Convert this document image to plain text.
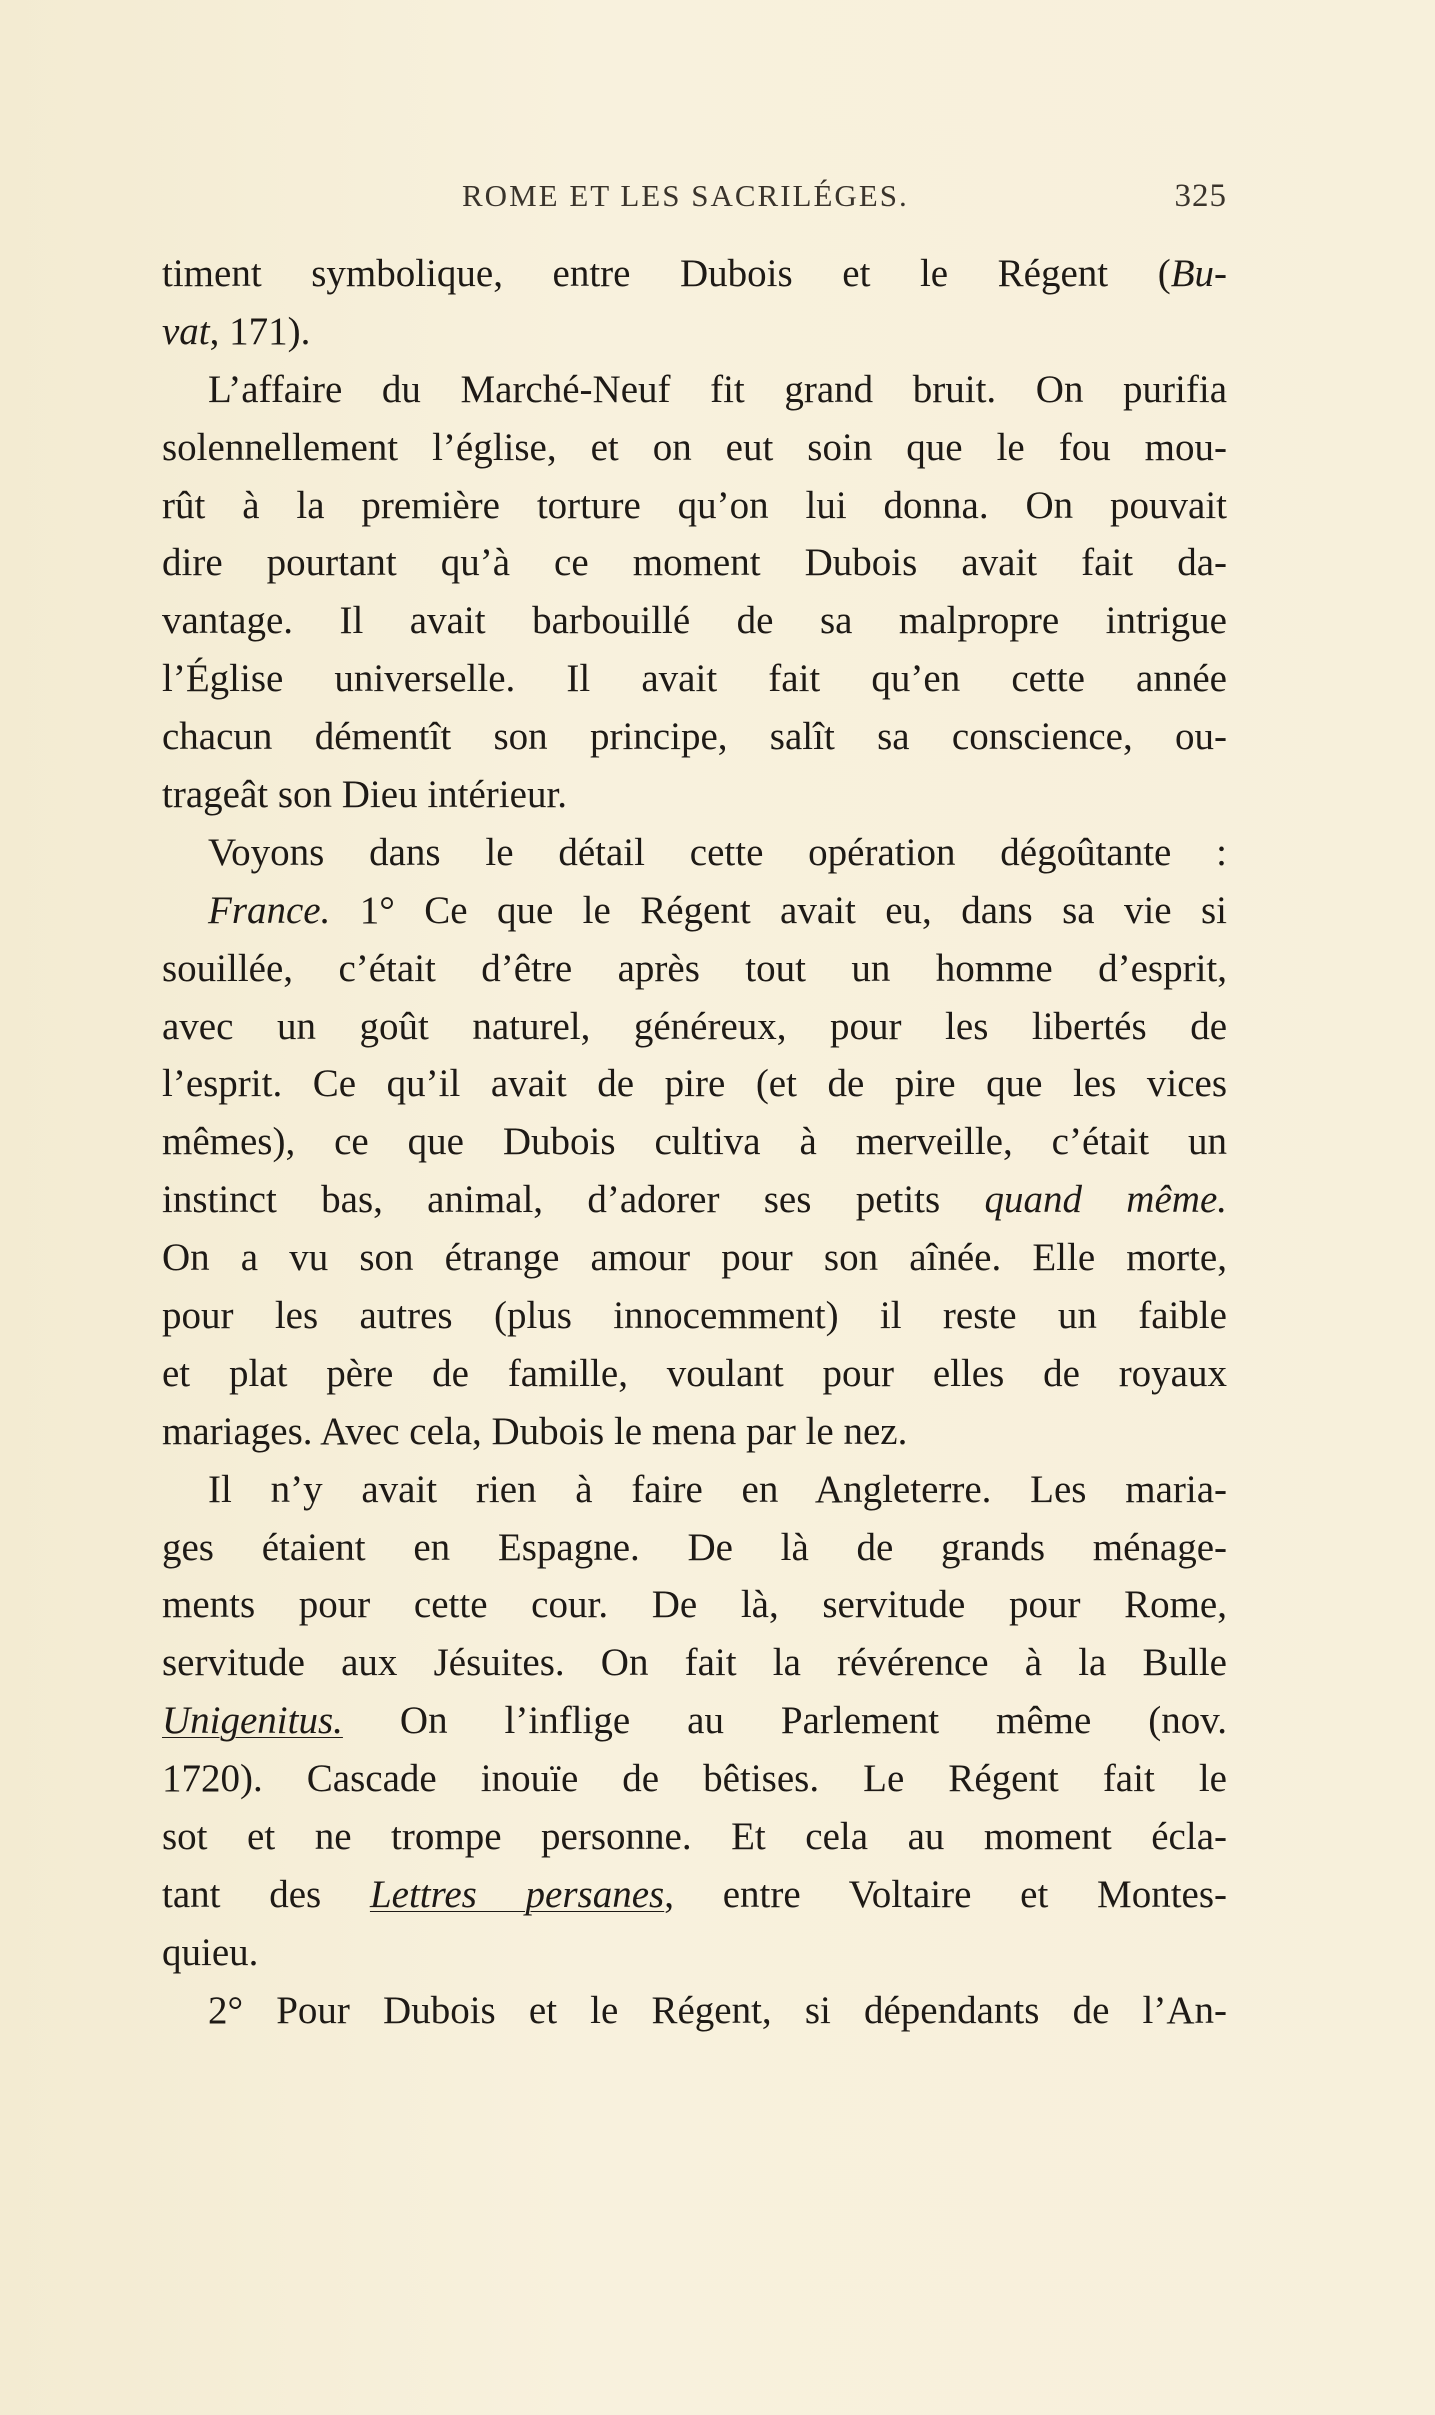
ROME ET LES SACRILÉGES.	325
timent symbolique, entre Dubois et le Régent (Bu-
vat, 171).
L’affaire du Marché-Neuf fit grand bruit. On purifia
solennellement l’église, et on eut soin que le fou mou-
rût à la première torture qu’on lui donna. On pouvait
dire pourtant qu’à ce moment Dubois avait fait da-
vantage. Il avait barbouillé de sa malpropre intrigue
l’Église universelle. Il avait fait qu’en cette année
chacun démentît son principe, salît sa conscience, ou-
trageât son Dieu intérieur.
Voyons dans le détail cette opération dégoûtante :
France. 1° Ce que le Régent avait eu, dans sa vie si
souillée, c’était d’être après tout un homme d’esprit,
avec un goût naturel, généreux, pour les libertés de
l’esprit. Ce qu’il avait de pire (et de pire que les vices
mêmes), ce que Dubois cultiva à merveille, c’était un
instinct bas, animal, d’adorer ses petits quand même.
On a vu son étrange amour pour son aînée. Elle morte,
pour les autres (plus innocemment) il reste un faible
et plat père de famille, voulant pour elles de royaux
mariages. Avec cela, Dubois le mena par le nez.
Il n’y avait rien à faire en Angleterre. Les maria-
ges étaient en Espagne. De là de grands ménage-
ments pour cette cour. De là, servitude pour Rome,
servitude aux Jésuites. On fait la révérence à la Bulle
Unigenitus. On l’inflige au Parlement même (nov.
1720). Cascade inouïe de bêtises. Le Régent fait le
sot et ne trompe personne. Et cela au moment écla-
tant des Lettres persanes, entre Voltaire et Montes-
quieu.
2° Pour Dubois et le Régent, si dépendants de l’An-
